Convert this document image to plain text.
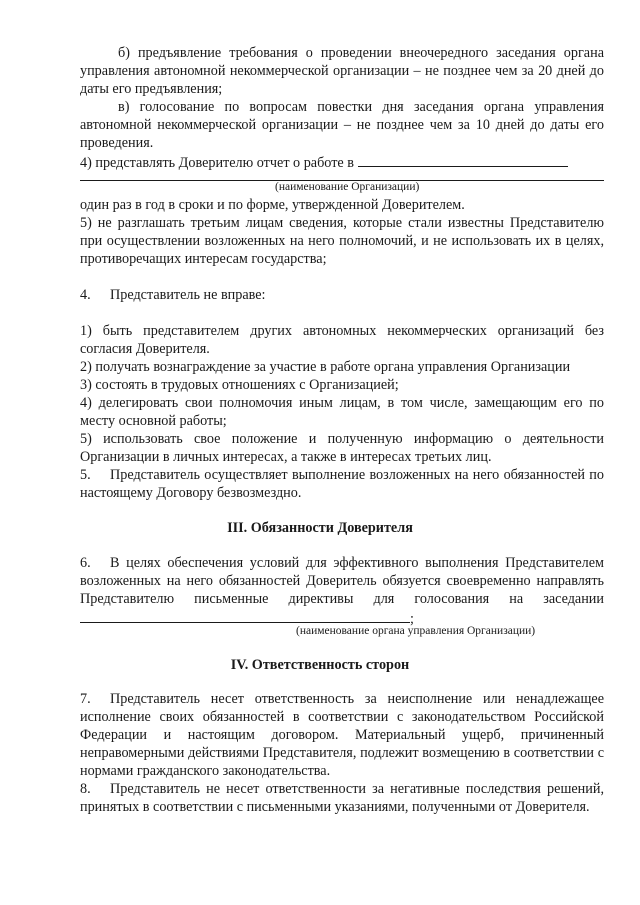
б) предъявление требования о проведении внеочередного заседания органа управления автономной некоммерческой организации – не позднее чем за 20 дней до даты его предъявления;

в) голосование по вопросам повестки дня заседания органа управления автономной некоммерческой организации – не позднее чем за 10 дней до даты его проведения.

4) представлять Доверителю отчет о работе в

(наименование Организации)

один раз в год в сроки и по форме, утвержденной Доверителем.

5) не разглашать третьим лицам сведения, которые стали известны Представителю при осуществлении возложенных на него полномочий, и не использовать их в целях, противоречащих интересам государства;

4. Представитель не вправе:

1) быть представителем других автономных некоммерческих организаций без согласия Доверителя.

2) получать вознаграждение за участие в работе органа управления Организации

3) состоять в трудовых отношениях с Организацией;

4) делегировать свои полномочия иным лицам, в том числе, замещающим его по месту основной работы;

5) использовать свое положение и полученную информацию о деятельности Организации в личных интересах, а также в интересах третьих лиц.

5. Представитель осуществляет выполнение возложенных на него обязанностей по настоящему Договору безвозмездно.

III. Обязанности Доверителя

6. В целях обеспечения условий для эффективного выполнения Представителем возложенных на него обязанностей Доверитель обязуется своевременно направлять Представителю письменные директивы для голосования на заседании ;

(наименование органа управления Организации)

IV. Ответственность сторон

7. Представитель несет ответственность за неисполнение или ненадлежащее исполнение своих обязанностей в соответствии с законодательством Российской Федерации и настоящим договором. Материальный ущерб, причиненный неправомерными действиями Представителя, подлежит возмещению в соответствии с нормами гражданского законодательства.

8. Представитель не несет ответственности за негативные последствия решений, принятых в соответствии с письменными указаниями, полученными от Доверителя.
